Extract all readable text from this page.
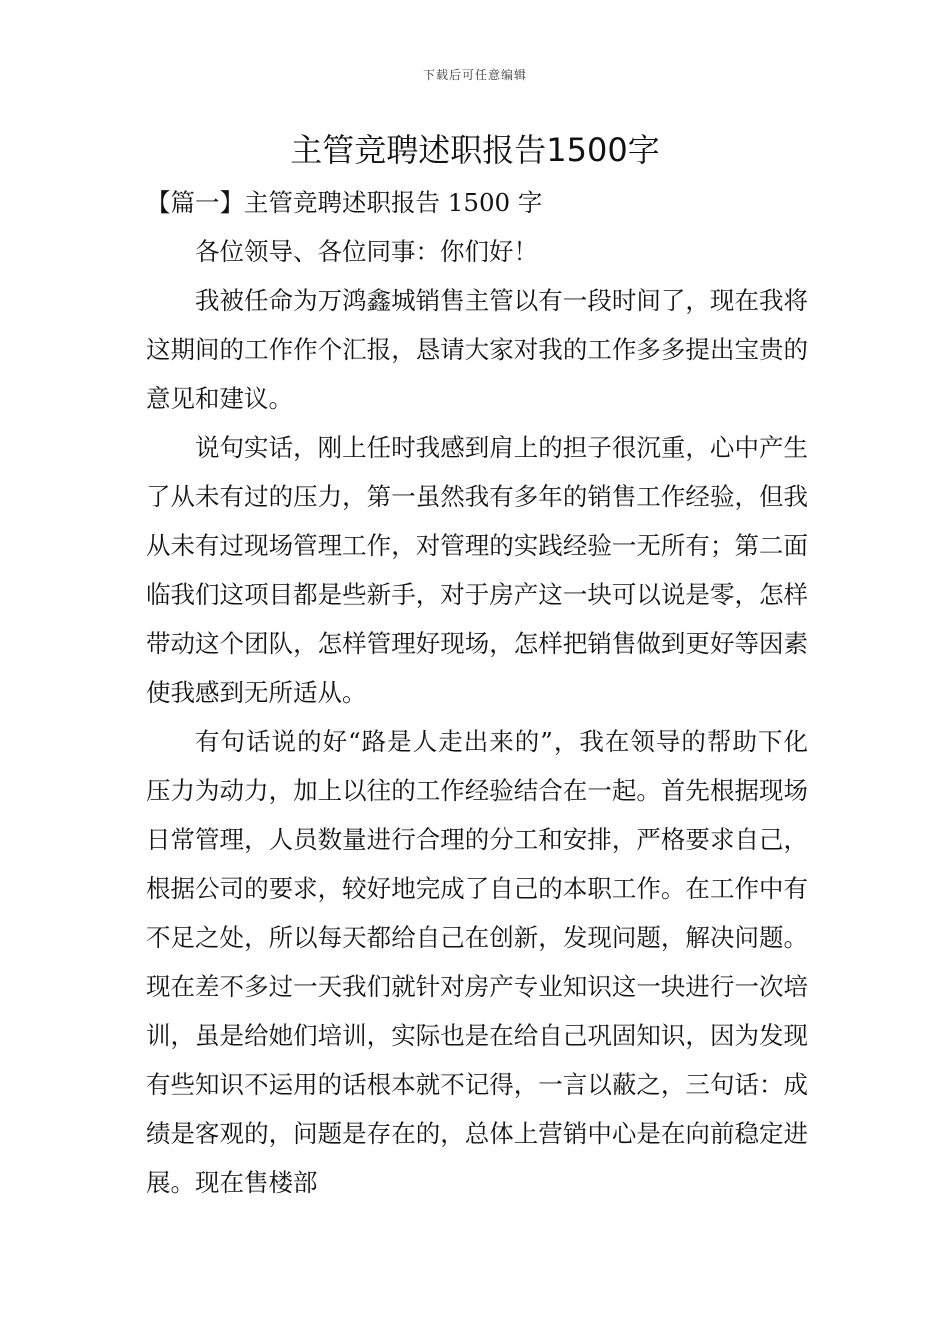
下载后可任意编辑
主管竞聘述职报告1500字

【篇一】主管竞聘述职报告 1500 字

各位领导、各位同事：你们好！

我被任命为万鸿鑫城销售主管以有一段时间了，现在我将这期间的工作作个汇报，恳请大家对我的工作多多提出宝贵的意见和建议。

说句实话，刚上任时我感到肩上的担子很沉重，心中产生了从未有过的压力，第一虽然我有多年的销售工作经验，但我从未有过现场管理工作，对管理的实践经验一无所有；第二面临我们这项目都是些新手，对于房产这一块可以说是零，怎样带动这个团队，怎样管理好现场，怎样把销售做到更好等因素使我感到无所适从。

有句话说的好“路是人走出来的”，我在领导的帮助下化压力为动力，加上以往的工作经验结合在一起。首先根据现场日常管理，人员数量进行合理的分工和安排，严格要求自己，根据公司的要求，较好地完成了自己的本职工作。在工作中有不足之处，所以每天都给自己在创新，发现问题，解决问题。现在差不多过一天我们就针对房产专业知识这一块进行一次培训，虽是给她们培训，实际也是在给自己巩固知识，因为发现有些知识不运用的话根本就不记得，一言以蔽之，三句话：成绩是客观的，问题是存在的，总体上营销中心是在向前稳定进展。现在售楼部
